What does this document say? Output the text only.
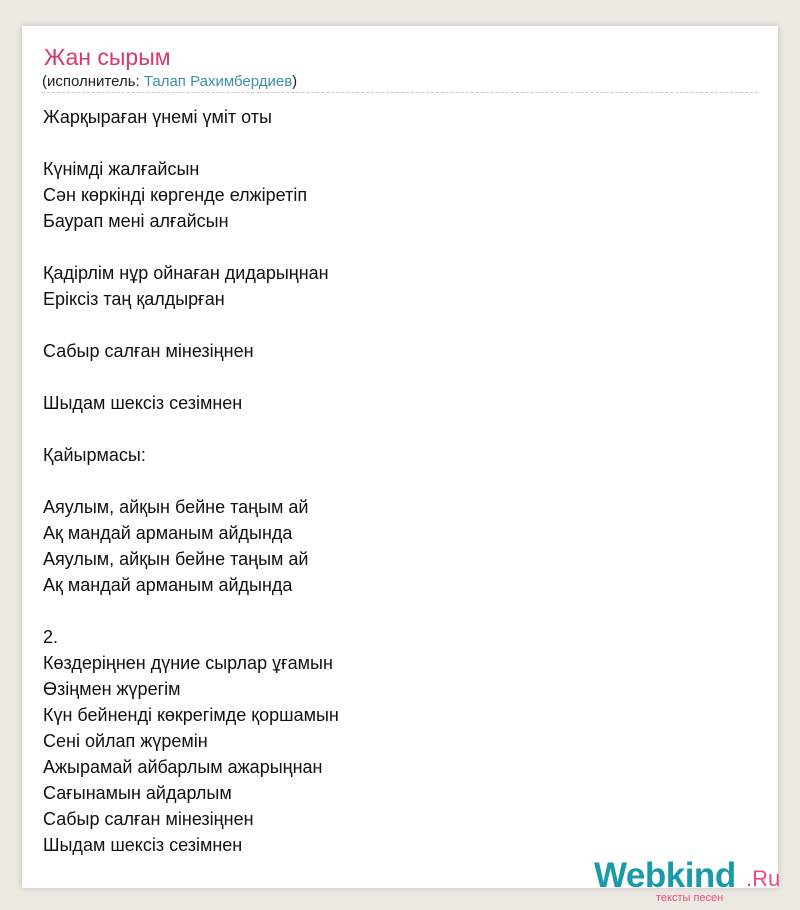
Жан сырым
(исполнитель: Талап Рахимбердиев)
Жарқыраған үнемі үміт оты
Күнімді жалғайсын
Сән көркінді көргенде елжіретіп
Баурап мені алғайсын
Қадірлім нұр ойнаған дидарыңнан
Еріксіз таң қалдырған
Сабыр салған мінезіңнен
Шыдам шексіз сезімнен
Қайырмасы:
Аяулым, айқын бейне таңым ай
Ақ мандай арманым айдында
Аяулым, айқын бейне таңым ай
Ақ мандай арманым айдында
2.
Көздеріңнен дүние сырлар ұғамын
Өзіңмен жүрегім
Күн бейненді көкрегімде қоршамын
Сені ойлап жүремін
Ажырамай айбарлым ажарыңнан
Сағынамын айдарлым
Сабыр салған мінезіңнен
Шыдам шексіз сезімнен
Webkind .Ru
тексты песен
